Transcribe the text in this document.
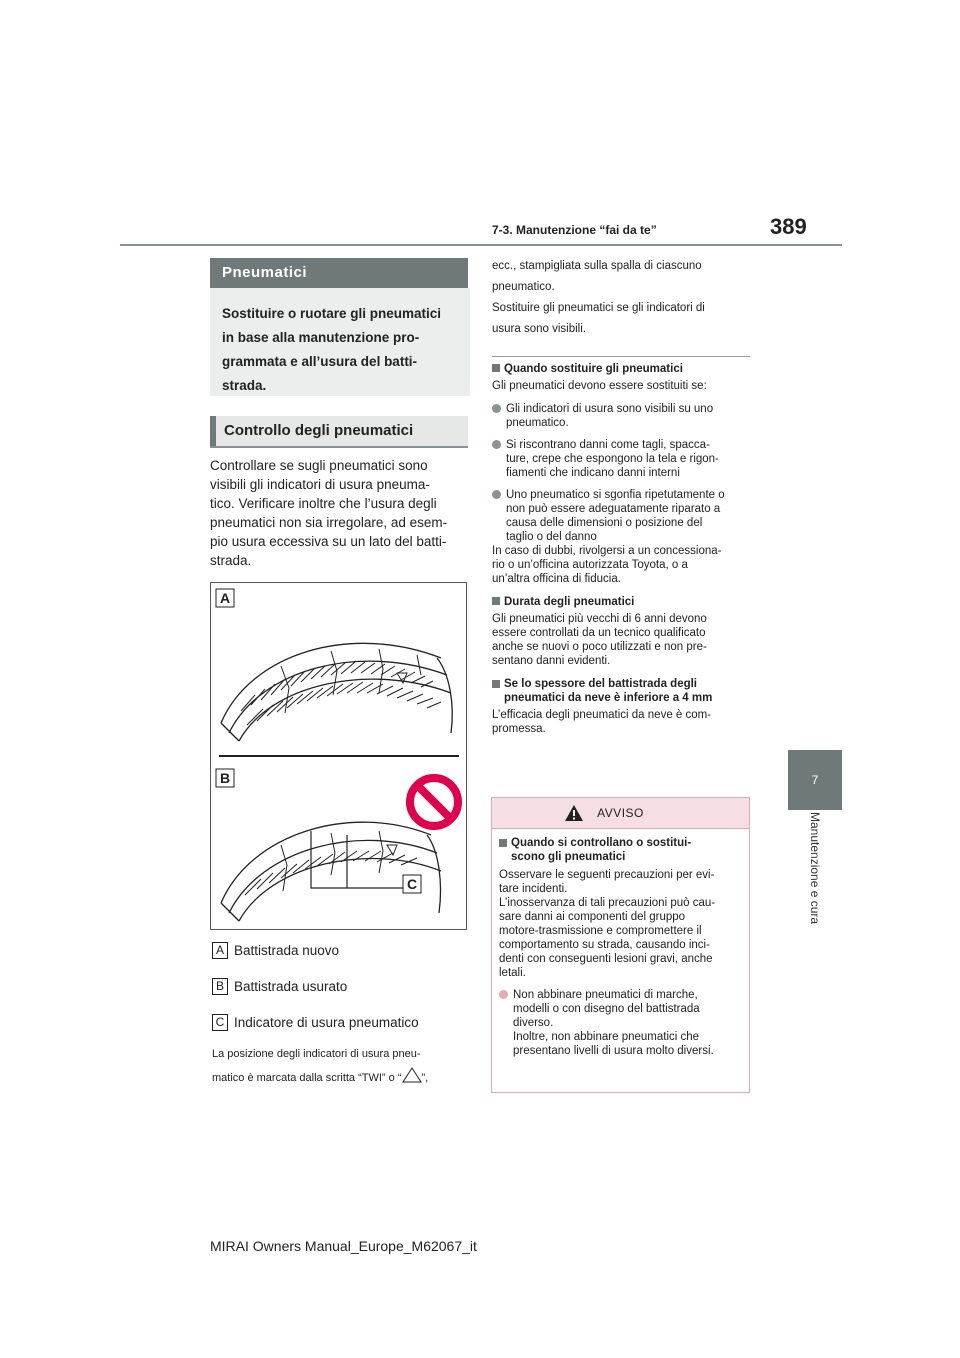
7-3. Manutenzione “fai da te”	389
7
Manutenzione e cura
Pneumatici
Sostituire o ruotare gli pneumatici
in base alla manutenzione pro-
grammata e all’usura del batti-
strada.
Controllo degli pneumatici
Controllare se sugli pneumatici sono
visibili gli indicatori di usura pneuma-
tico. Verificare inoltre che l’usura degli
pneumatici non sia irregolare, ad esem-
pio usura eccessiva su un lato del batti-
strada.
A
B
C
A Battistrada nuovo
B Battistrada usurato
C Indicatore di usura pneumatico
La posizione degli indicatori di usura pneu-
matico è marcata dalla scritta “TWI” o “ ”,
ecc., stampigliata sulla spalla di ciascuno
pneumatico.
Sostituire gli pneumatici se gli indicatori di
usura sono visibili.
Quando sostituire gli pneumatici
Gli pneumatici devono essere sostituiti se:
Gli indicatori di usura sono visibili su uno
pneumatico.
Si riscontrano danni come tagli, spacca-
ture, crepe che espongono la tela e rigon-
fiamenti che indicano danni interni
Uno pneumatico si sgonfia ripetutamente o
non può essere adeguatamente riparato a
causa delle dimensioni o posizione del
taglio o del danno
In caso di dubbi, rivolgersi a un concessiona-
rio o un’officina autorizzata Toyota, o a
un’altra officina di fiducia.
Durata degli pneumatici
Gli pneumatici più vecchi di 6 anni devono
essere controllati da un tecnico qualificato
anche se nuovi o poco utilizzati e non pre-
sentano danni evidenti.
Se lo spessore del battistrada degli
pneumatici da neve è inferiore a 4 mm
L’efficacia degli pneumatici da neve è com-
promessa.
AVVISO
Quando si controllano o sostitui-
scono gli pneumatici
Osservare le seguenti precauzioni per evi-
tare incidenti.
L’inosservanza di tali precauzioni può cau-
sare danni ai componenti del gruppo
motore-trasmissione e compromettere il
comportamento su strada, causando inci-
denti con conseguenti lesioni gravi, anche
letali.
Non abbinare pneumatici di marche,
modelli o con disegno del battistrada
diverso.
Inoltre, non abbinare pneumatici che
presentano livelli di usura molto diversi.
MIRAI Owners Manual_Europe_M62067_it
